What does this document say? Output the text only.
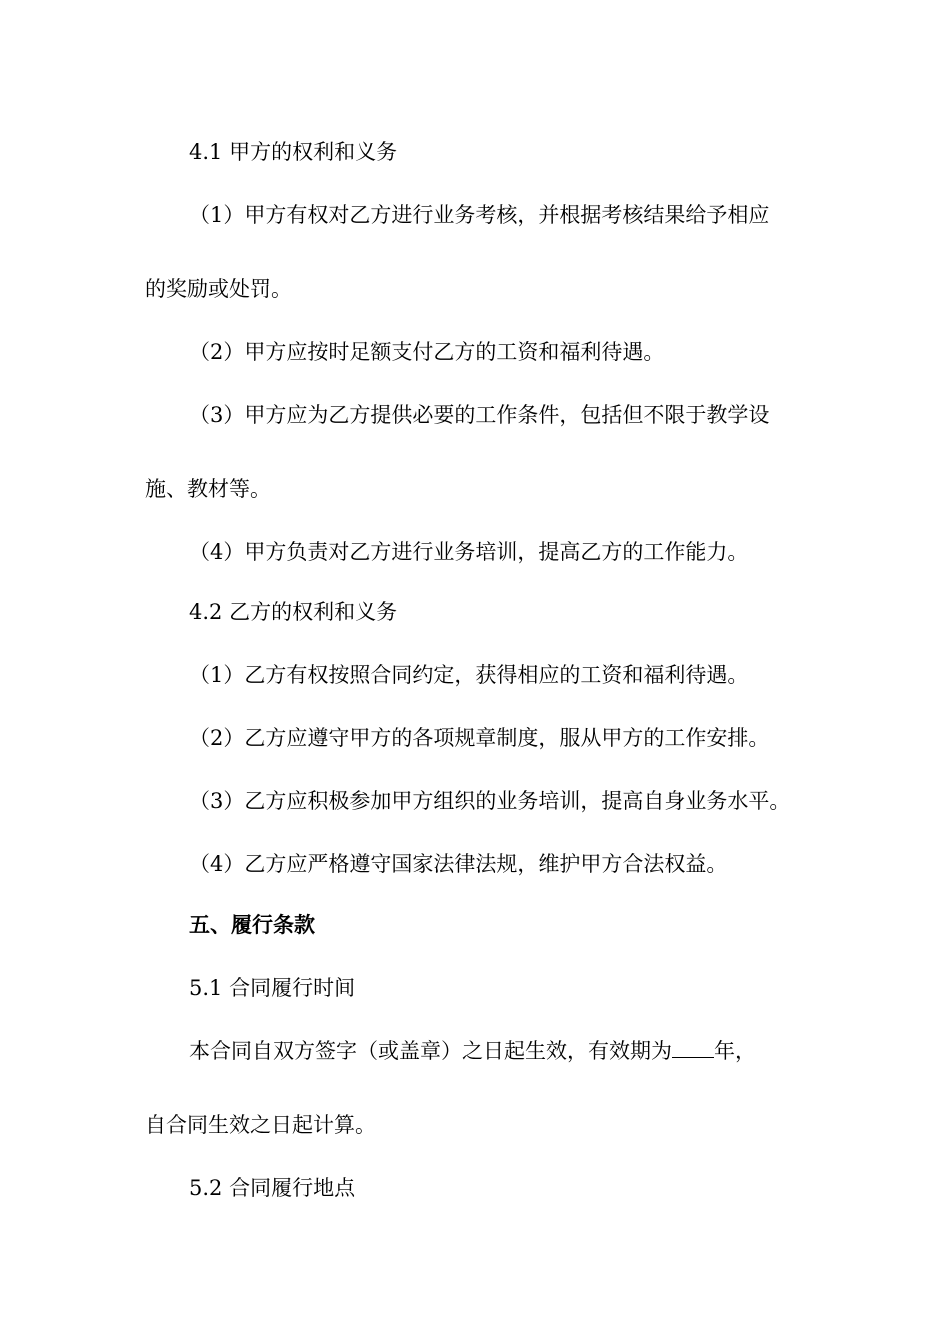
4.1 甲方的权利和义务
（1）甲方有权对乙方进行业务考核，并根据考核结果给予相应
的奖励或处罚。
（2）甲方应按时足额支付乙方的工资和福利待遇。
（3）甲方应为乙方提供必要的工作条件，包括但不限于教学设
施、教材等。
（4）甲方负责对乙方进行业务培训，提高乙方的工作能力。
4.2 乙方的权利和义务
（1）乙方有权按照合同约定，获得相应的工资和福利待遇。
（2）乙方应遵守甲方的各项规章制度，服从甲方的工作安排。
（3）乙方应积极参加甲方组织的业务培训，提高自身业务水平。
（4）乙方应严格遵守国家法律法规，维护甲方合法权益。
五、履行条款
5.1 合同履行时间
本合同自双方签字（或盖章）之日起生效，有效期为 年，
自合同生效之日起计算。
5.2 合同履行地点
